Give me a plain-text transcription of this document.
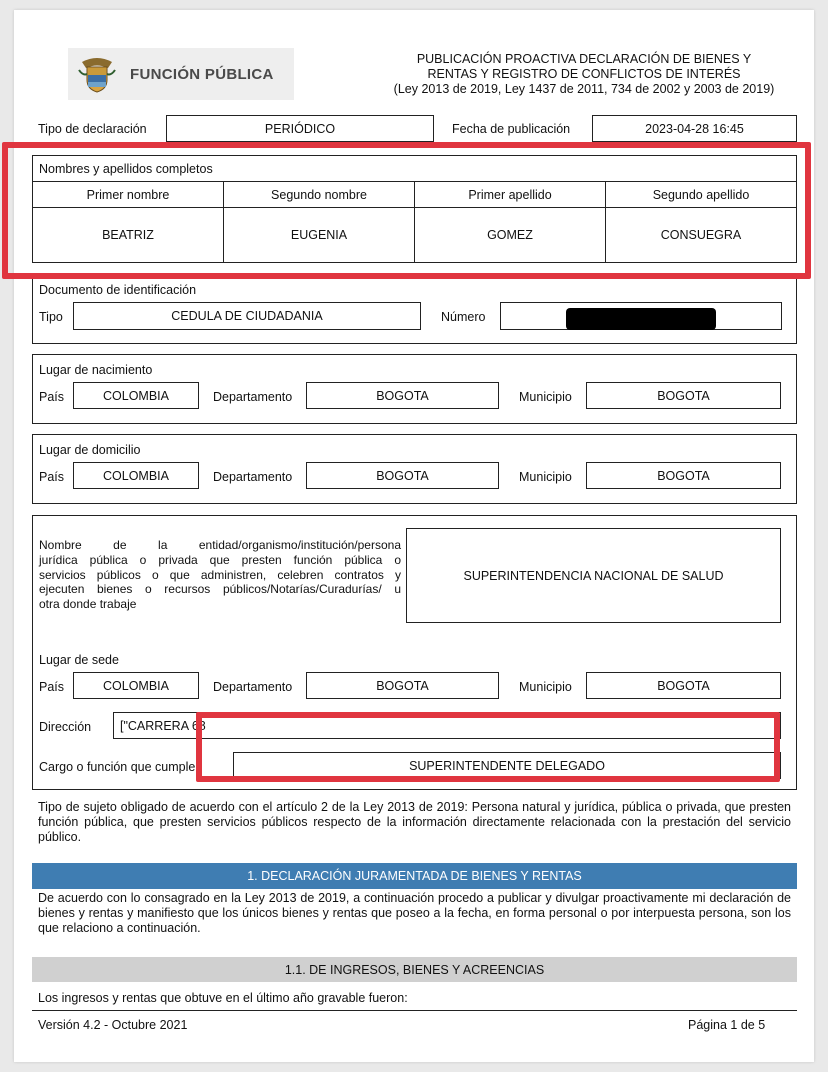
FUNCIÓN PÚBLICA
PUBLICACIÓN PROACTIVA DECLARACIÓN DE BIENES Y
RENTAS Y REGISTRO DE CONFLICTOS DE INTERÉS
(Ley 2013 de 2019, Ley 1437 de 2011, 734 de 2002 y 2003 de 2019)
Tipo de declaración	PERIÓDICO	Fecha de publicación	2023-04-28 16:45
Nombres y apellidos completos
Primer nombre	Segundo nombre	Primer apellido	Segundo apellido
BEATRIZ	EUGENIA	GOMEZ	CONSUEGRA
Documento de identificación
Tipo	CEDULA DE CIUDADANIA	Número
Lugar de nacimiento
País	COLOMBIA	Departamento	BOGOTA	Municipio	BOGOTA
Lugar de domicilio
País	COLOMBIA	Departamento	BOGOTA	Municipio	BOGOTA
Nombre de la entidad/organismo/institución/persona
jurídica pública o privada que presten función pública o
servicios públicos o que administren, celebren contratos y
ejecuten bienes o recursos públicos/Notarías/Curadurías/ u
otra donde trabaje
SUPERINTENDENCIA NACIONAL DE SALUD
Lugar de sede
País	COLOMBIA	Departamento	BOGOTA	Municipio	BOGOTA
Dirección	["CARRERA 68
Cargo o función que cumple	SUPERINTENDENTE DELEGADO
Tipo de sujeto obligado de acuerdo con el artículo 2 de la Ley 2013 de 2019: Persona natural y jurídica, pública o privada, que presten función pública, que presten servicios públicos respecto de la información directamente relacionada con la prestación del servicio público.
1. DECLARACIÓN JURAMENTADA DE BIENES Y RENTAS
De acuerdo con lo consagrado en la Ley 2013 de 2019, a continuación procedo a publicar y divulgar proactivamente mi declaración de bienes y rentas y manifiesto que los únicos bienes y rentas que poseo a la fecha, en forma personal o por interpuesta persona, son los que relaciono a continuación.
1.1. DE INGRESOS, BIENES Y ACREENCIAS
Los ingresos y rentas que obtuve en el último año gravable fueron:
Versión 4.2 - Octubre 2021	Página 1 de 5
